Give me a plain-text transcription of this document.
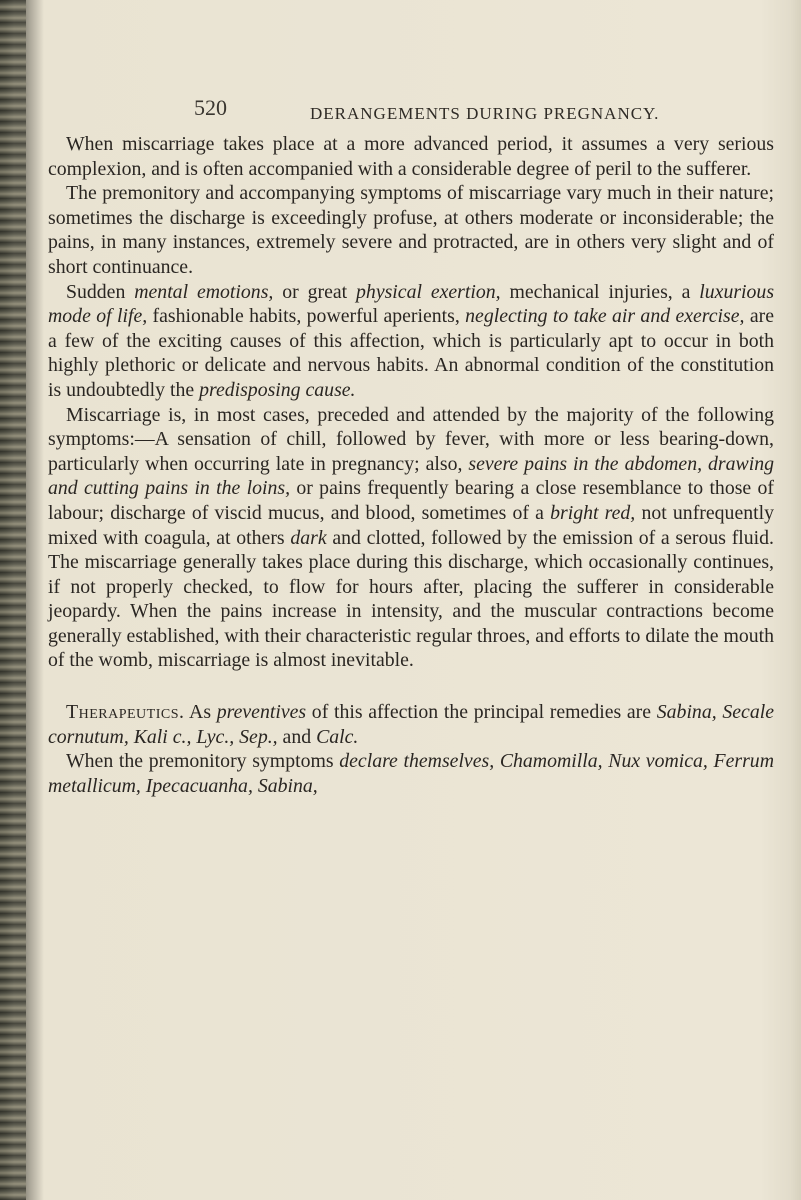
520	DERANGEMENTS DURING PREGNANCY.

When miscarriage takes place at a more advanced period, it assumes a very serious complexion, and is often accompanied with a considerable degree of peril to the sufferer.

The premonitory and accompanying symptoms of miscarriage vary much in their nature; sometimes the discharge is exceedingly profuse, at others moderate or inconsiderable; the pains, in many instances, extremely severe and protracted, are in others very slight and of short continuance.

Sudden mental emotions, or great physical exertion, mechanical injuries, a luxurious mode of life, fashionable habits, powerful aperients, neglecting to take air and exercise, are a few of the exciting causes of this affection, which is particularly apt to occur in both highly plethoric or delicate and nervous habits. An abnormal condition of the constitution is undoubtedly the predisposing cause.

Miscarriage is, in most cases, preceded and attended by the majority of the following symptoms:—A sensation of chill, followed by fever, with more or less bearing-down, particularly when occurring late in pregnancy; also, severe pains in the abdomen, drawing and cutting pains in the loins, or pains frequently bearing a close resemblance to those of labour; discharge of viscid mucus, and blood, sometimes of a bright red, not unfrequently mixed with coagula, at others dark and clotted, followed by the emission of a serous fluid. The miscarriage generally takes place during this discharge, which occasionally continues, if not properly checked, to flow for hours after, placing the sufferer in considerable jeopardy. When the pains increase in intensity, and the muscular contractions become generally established, with their characteristic regular throes, and efforts to dilate the mouth of the womb, miscarriage is almost inevitable.

Therapeutics. As preventives of this affection the principal remedies are Sabina, Secale cornutum, Kali c., Lyc., Sep., and Calc.

When the premonitory symptoms declare themselves, Chamomilla, Nux vomica, Ferrum metallicum, Ipecacuanha, Sabina,
